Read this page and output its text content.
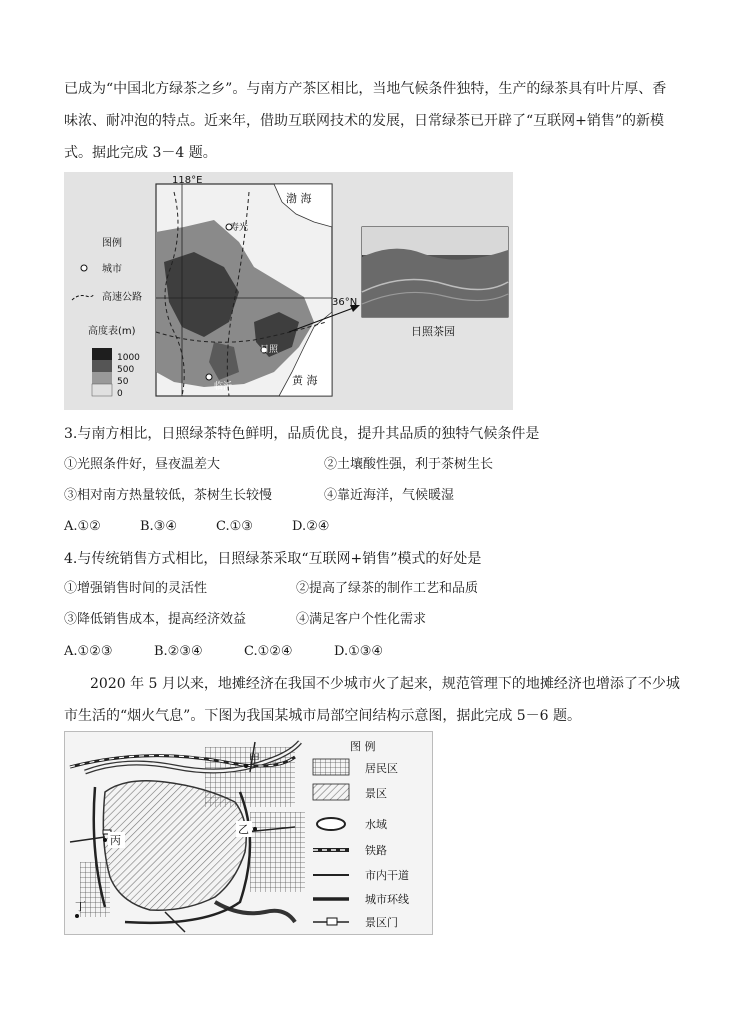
已成为“中国北方绿茶之乡”。与南方产茶区相比，当地气候条件独特，生产的绿茶具有叶片厚、香
味浓、耐冲泡的特点。近来年，借助互联网技术的发展，日常绿茶已开辟了“互联网+销售”的新模
式。据此完成 3－4 题。
118°E
渤 海
寿光
36°N
日照
临沂	黄 海
图例
城市
高速公路
高度表(m)
1000
500
50
0
日照茶园
3.与南方相比，日照绿茶特色鲜明，品质优良，提升其品质的独特气候条件是
①光照条件好，昼夜温差大	②土壤酸性强，利于茶树生长
③相对南方热量较低，茶树生长较慢	④靠近海洋，气候暖湿
A.①②	B.③④	C.①③	D.②④
4.与传统销售方式相比，日照绿茶采取“互联网+销售”模式的好处是
①增强销售时间的灵活性	②提高了绿茶的制作工艺和品质
③降低销售成本，提高经济效益	④满足客户个性化需求
A.①②③	B.②③④	C.①②④	D.①③④
2020 年 5 月以来，地摊经济在我国不少城市火了起来，规范管理下的地摊经济也增添了不少城
市生活的“烟火气息”。下图为我国某城市局部空间结构示意图，据此完成 5－6 题。
甲
乙
丙
丁
图 例
居民区
景区
水域
铁路
市内干道
城市环线
景区门
